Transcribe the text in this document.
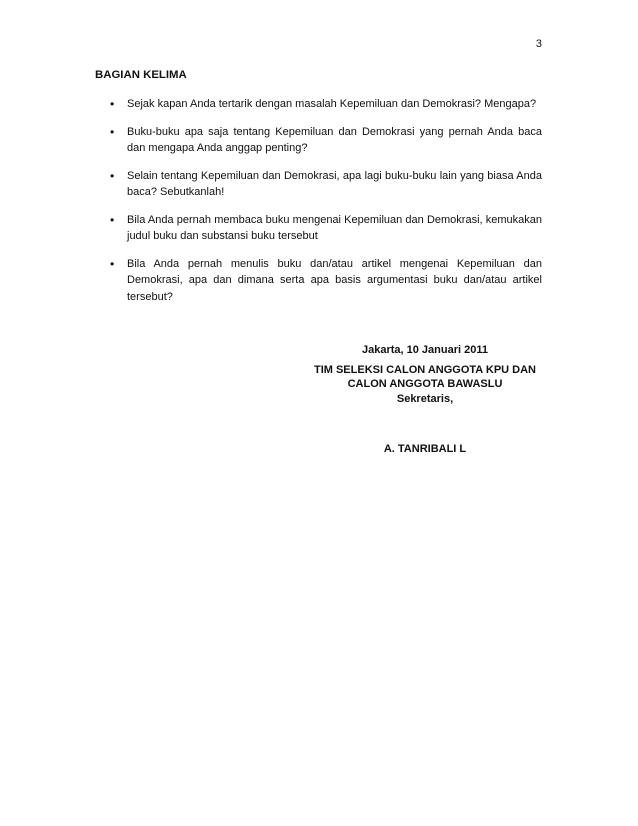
3
BAGIAN KELIMA
• Sejak kapan Anda tertarik dengan masalah Kepemiluan dan Demokrasi? Mengapa?
• Buku-buku apa saja tentang Kepemiluan dan Demokrasi yang pernah Anda baca dan mengapa Anda anggap penting?
• Selain tentang Kepemiluan dan Demokrasi, apa lagi buku-buku lain yang biasa Anda baca? Sebutkanlah!
• Bila Anda pernah membaca buku mengenai Kepemiluan dan Demokrasi, kemukakan judul buku dan substansi buku tersebut
• Bila Anda pernah menulis buku dan/atau artikel mengenai Kepemiluan dan Demokrasi, apa dan dimana serta apa basis argumentasi buku dan/atau artikel tersebut?
Jakarta, 10 Januari 2011
TIM SELEKSI CALON ANGGOTA KPU DAN
CALON ANGGOTA BAWASLU
Sekretaris,
A. TANRIBALI L
